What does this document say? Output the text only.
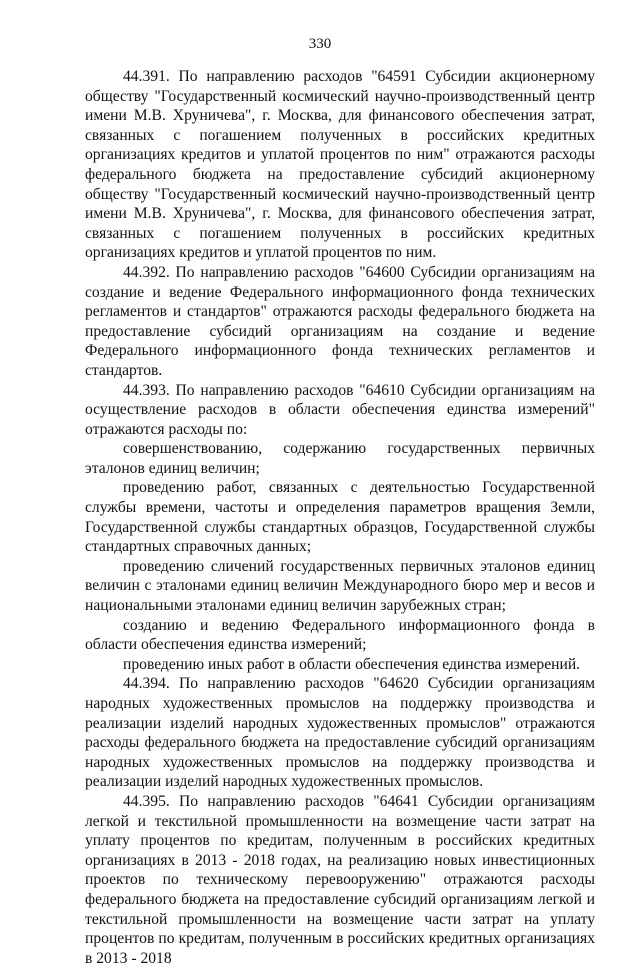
330

44.391. По направлению расходов "64591 Субсидии акционерному обществу "Государственный космический научно-производственный центр имени М.В. Хруничева", г. Москва, для финансового обеспечения затрат, связанных с погашением полученных в российских кредитных организациях кредитов и уплатой процентов по ним" отражаются расходы федерального бюджета на предоставление субсидий акционерному обществу "Государственный космический научно-производственный центр имени М.В. Хруничева", г. Москва, для финансового обеспечения затрат, связанных с погашением полученных в российских кредитных организациях кредитов и уплатой процентов по ним.

44.392. По направлению расходов "64600 Субсидии организациям на создание и ведение Федерального информационного фонда технических регламентов и стандартов" отражаются расходы федерального бюджета на предоставление субсидий организациям на создание и ведение Федерального информационного фонда технических регламентов и стандартов.

44.393. По направлению расходов "64610 Субсидии организациям на осуществление расходов в области обеспечения единства измерений" отражаются расходы по:

совершенствованию, содержанию государственных первичных эталонов единиц величин;

проведению работ, связанных с деятельностью Государственной службы времени, частоты и определения параметров вращения Земли, Государственной службы стандартных образцов, Государственной службы стандартных справочных данных;

проведению сличений государственных первичных эталонов единиц величин с эталонами единиц величин Международного бюро мер и весов и национальными эталонами единиц величин зарубежных стран;

созданию и ведению Федерального информационного фонда в области обеспечения единства измерений;

проведению иных работ в области обеспечения единства измерений.

44.394. По направлению расходов "64620 Субсидии организациям народных художественных промыслов на поддержку производства и реализации изделий народных художественных промыслов" отражаются расходы федерального бюджета на предоставление субсидий организациям народных художественных промыслов на поддержку производства и реализации изделий народных художественных промыслов.

44.395. По направлению расходов "64641 Субсидии организациям легкой и текстильной промышленности на возмещение части затрат на уплату процентов по кредитам, полученным в российских кредитных организациях в 2013 - 2018 годах, на реализацию новых инвестиционных проектов по техническому перевооружению" отражаются расходы федерального бюджета на предоставление субсидий организациям легкой и текстильной промышленности на возмещение части затрат на уплату процентов по кредитам, полученным в российских кредитных организациях в 2013 - 2018
